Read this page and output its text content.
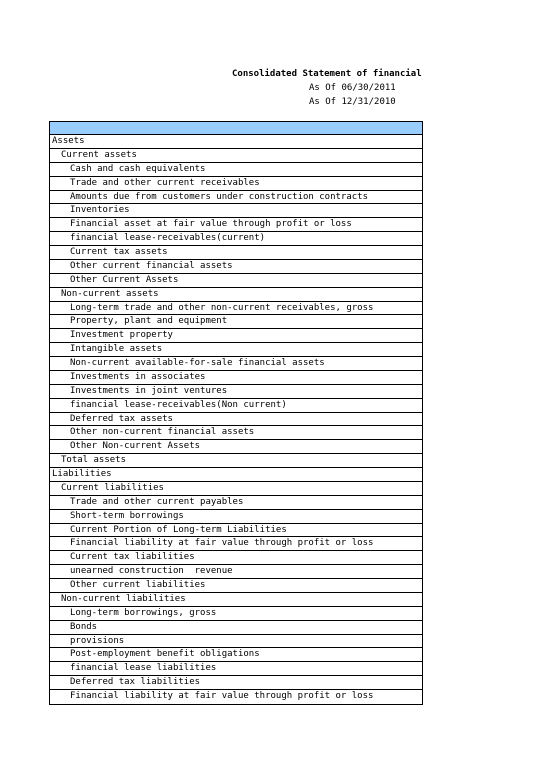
Consolidated Statement of financial
As Of 06/30/2011
As Of 12/31/2010
Assets
Current assets
Cash and cash equivalents
Trade and other current receivables
Amounts due from customers under construction contracts
Inventories
Financial asset at fair value through profit or loss
financial lease-receivables(current)
Current tax assets
Other current financial assets
Other Current Assets
Non-current assets
Long-term trade and other non-current receivables, gross
Property, plant and equipment
Investment property
Intangible assets
Non-current available-for-sale financial assets
Investments in associates
Investments in joint ventures
financial lease-receivables(Non current)
Deferred tax assets
Other non-current financial assets
Other Non-current Assets
Total assets
Liabilities
Current liabilities
Trade and other current payables
Short-term borrowings
Current Portion of Long-term Liabilities
Financial liability at fair value through profit or loss
Current tax liabilities
unearned construction  revenue
Other current liabilities
Non-current liabilities
Long-term borrowings, gross
Bonds
provisions
Post-employment benefit obligations
financial lease liabilities
Deferred tax liabilities
Financial liability at fair value through profit or loss
